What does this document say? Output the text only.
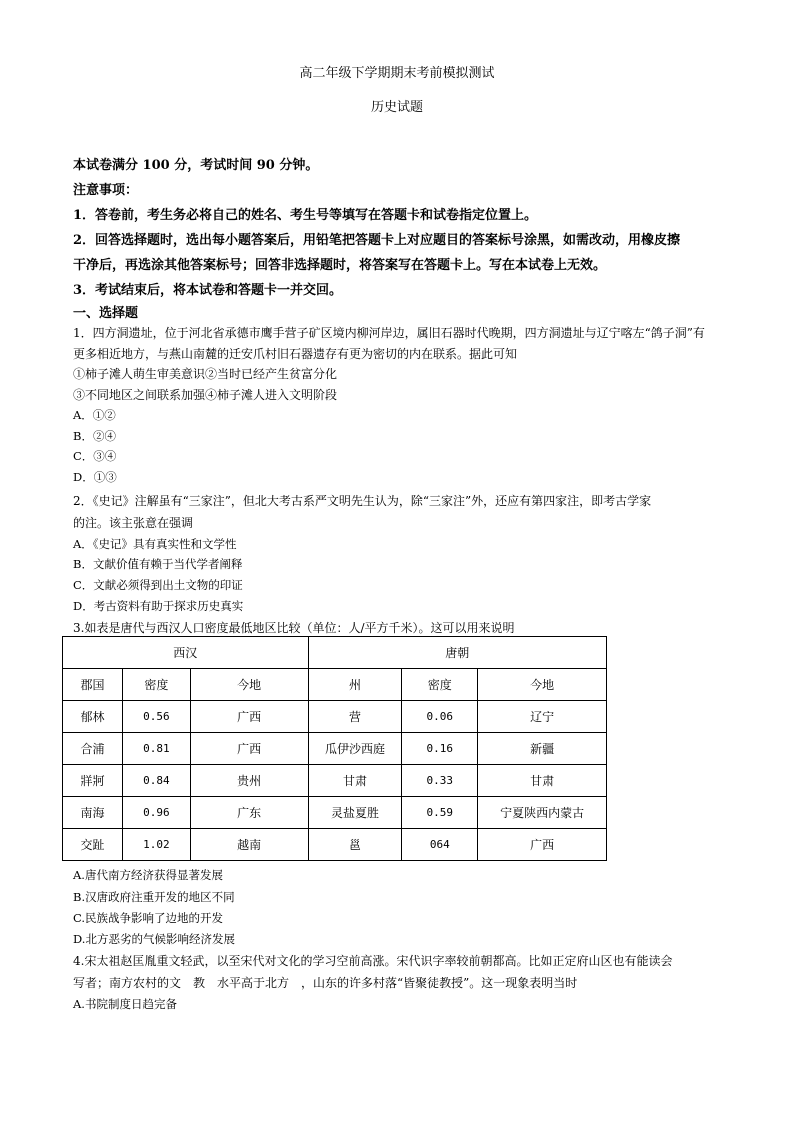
高二年级下学期期末考前模拟测试
历史试题
本试卷满分 100 分，考试时间 90 分钟。
注意事项：
1．答卷前，考生务必将自己的姓名、考生号等填写在答题卡和试卷指定位置上。
2．回答选择题时，选出每小题答案后，用铅笔把答题卡上对应题目的答案标号涂黑，如需改动，用橡皮擦
干净后，再选涂其他答案标号；回答非选择题时，将答案写在答题卡上。写在本试卷上无效。
3．考试结束后，将本试卷和答题卡一并交回。
一、选择题
1．四方洞遗址，位于河北省承德市鹰手营子矿区境内柳河岸边，属旧石器时代晚期，四方洞遗址与辽宁喀左“鸽子洞”有
更多相近地方，与燕山南麓的迁安爪村旧石器遗存有更为密切的内在联系。据此可知
①柿子滩人萌生审美意识②当时已经产生贫富分化
③不同地区之间联系加强④柿子滩人进入文明阶段
A．①②
B．②④
C．③④
D．①③
2．《史记》注解虽有“三家注”，但北大考古系严文明先生认为，除“三家注”外，还应有第四家注，即考古学家
的注。该主张意在强调
A．《史记》具有真实性和文学性
B．文献价值有赖于当代学者阐释
C．文献必须得到出土文物的印证
D．考古资料有助于探求历史真实
3.如表是唐代与西汉人口密度最低地区比较（单位：人/平方千米）。这可以用来说明
西汉			唐朝		
郡国	密度	今地	州	密度	今地
郁林	0.56	广西	营	0.06	辽宁
合浦	0.81	广西	瓜伊沙西庭	0.16	新疆
牂牁	0.84	贵州	甘肃	0.33	甘肃
南海	0.96	广东	灵盐夏胜	0.59	宁夏陕西内蒙古
交趾	1.02	越南	邕	064	广西
A.唐代南方经济获得显著发展
B.汉唐政府注重开发的地区不同
C.民族战争影响了边地的开发
D.北方恶劣的气候影响经济发展
4.宋太祖赵匡胤重文轻武，以至宋代对文化的学习空前高涨。宋代识字率较前朝都高。比如正定府山区也有能读会
写者；南方农村的文　教　水平高于北方　，山东的许多村落“皆聚徒教授”。这一现象表明当时
A.书院制度日趋完备
